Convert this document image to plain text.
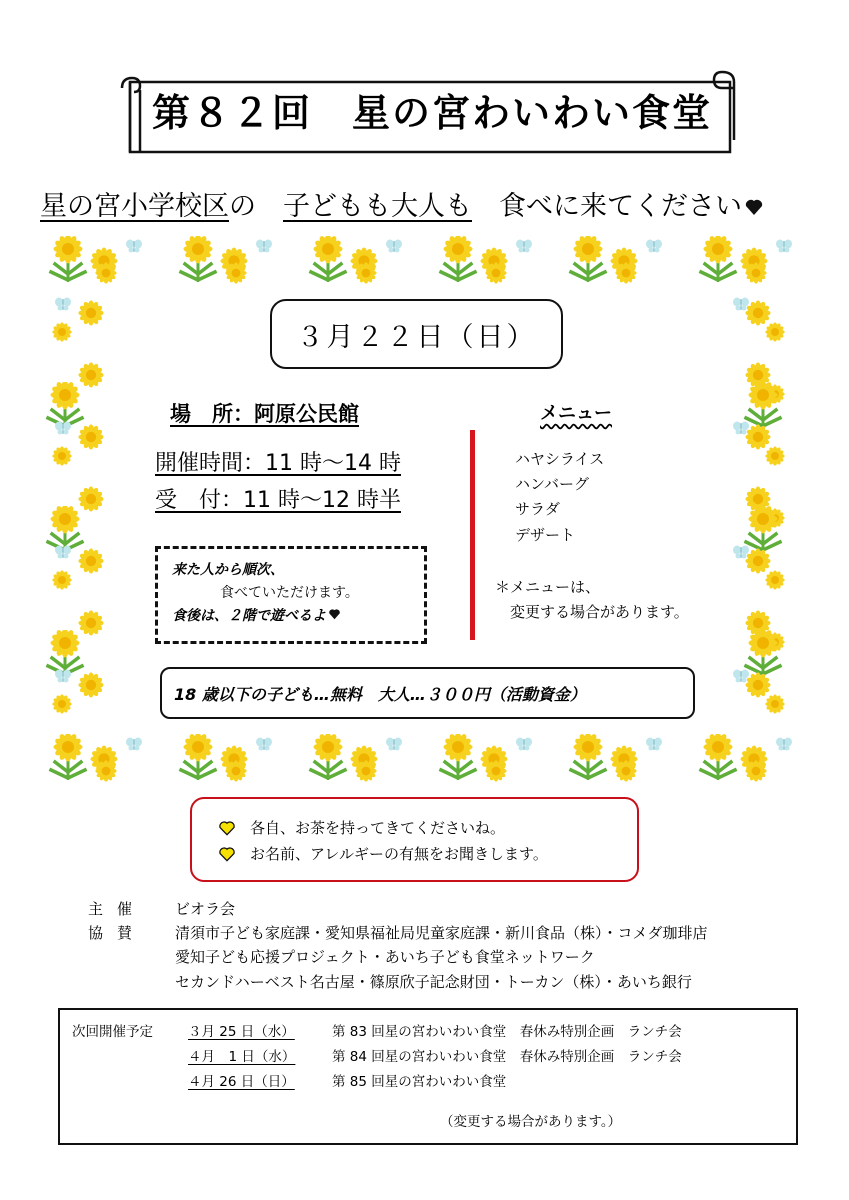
第８２回　星の宮わいわい食堂
星の宮小学校区の　子どもも大人も　食べに来てください
３月２２日（日）
場　所：阿原公民館
開催時間：11 時～14 時
受　付：11 時～12 時半
来た人から順次、
食べていただけます。
食後は、２階で遊べるよ
メニュー
ハヤシライス
ハンバーグ
サラダ
デザート
＊メニューは、
変更する場合があります。
18 歳以下の子ども…無料　大人…３００円（活動資金）
各自、お茶を持ってきてくださいね。
お名前、アレルギーの有無をお聞きします。
主催 ビオラ会
協賛 清須市子ども家庭課・愛知県福祉局児童家庭課・新川食品（株）・コメダ珈琲店
愛知子ども応援プロジェクト・あいち子ども食堂ネットワーク
セカンドハーベスト名古屋・篠原欣子記念財団・トーカン（株）・あいち銀行
次回開催予定	３月 25 日（水）	第 83 回星の宮わいわい食堂　春休み特別企画　ランチ会
４月　1 日（水）	第 84 回星の宮わいわい食堂　春休み特別企画　ランチ会
４月 26 日（日）	第 85 回星の宮わいわい食堂
（変更する場合があります。）
